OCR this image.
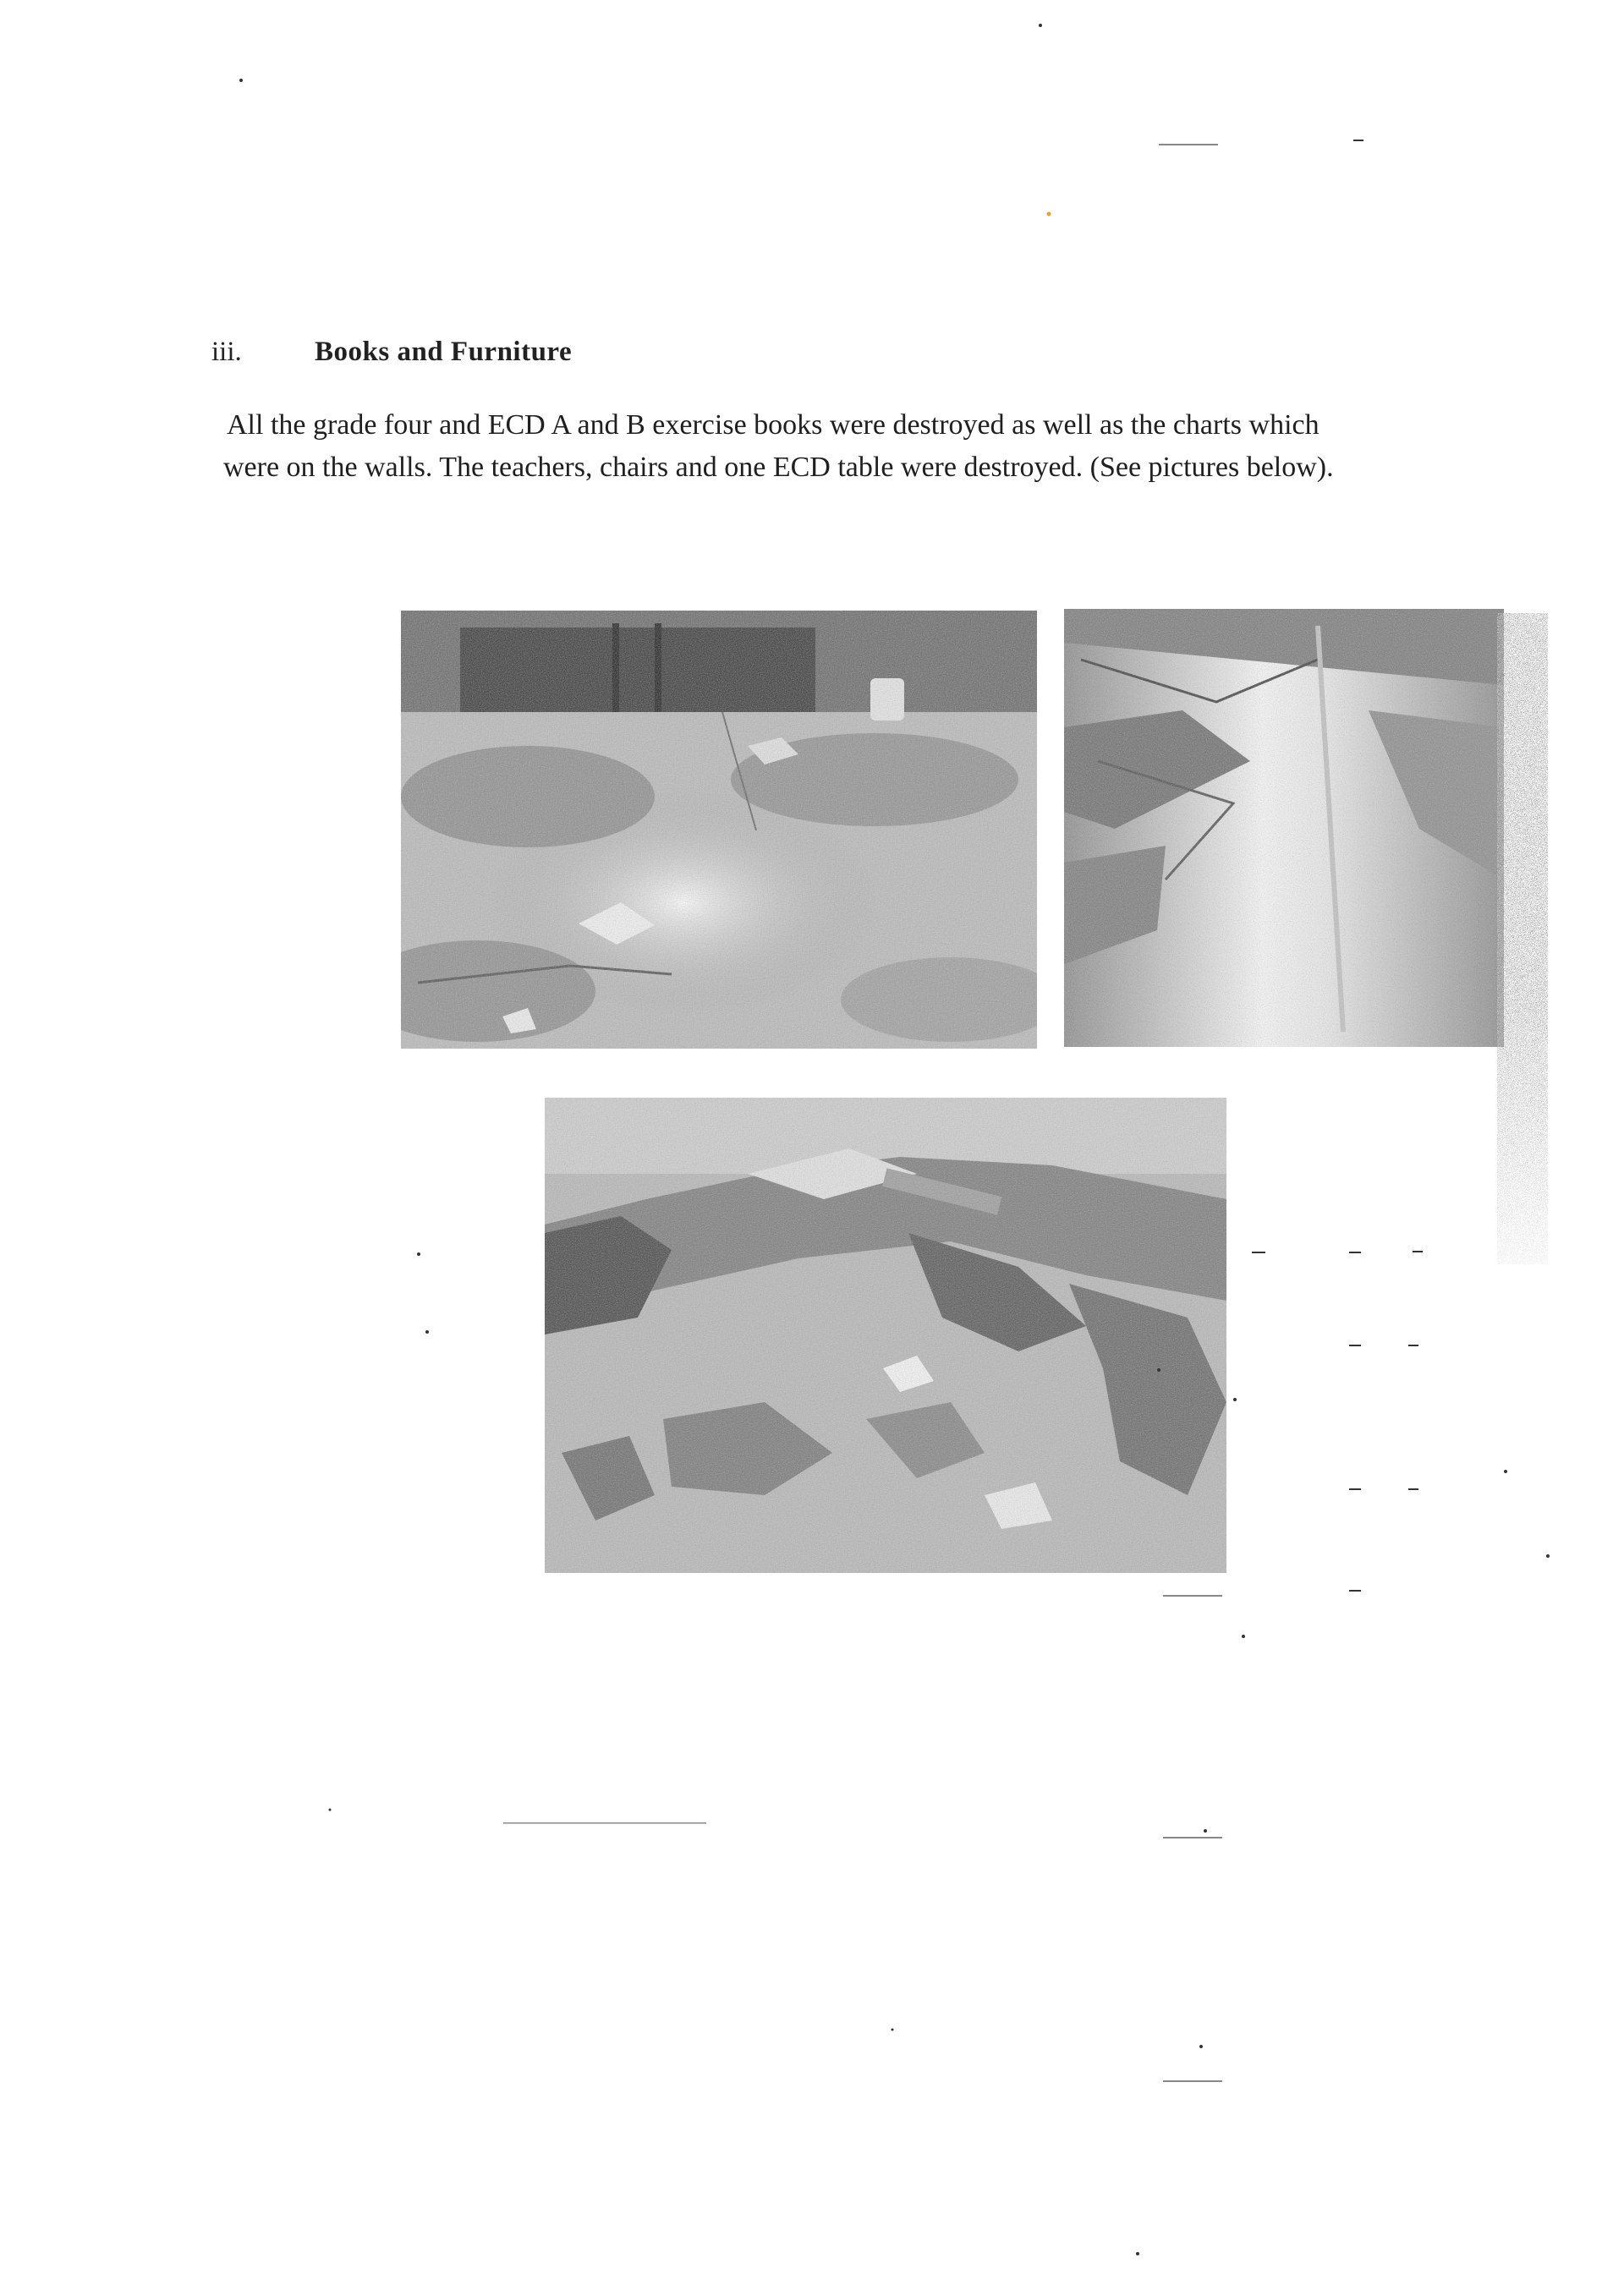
iii.	Books and Furniture
All the grade four and ECD A and B exercise books were destroyed as well as the charts which
were on the walls. The teachers, chairs and one ECD table were destroyed. (See pictures below).
